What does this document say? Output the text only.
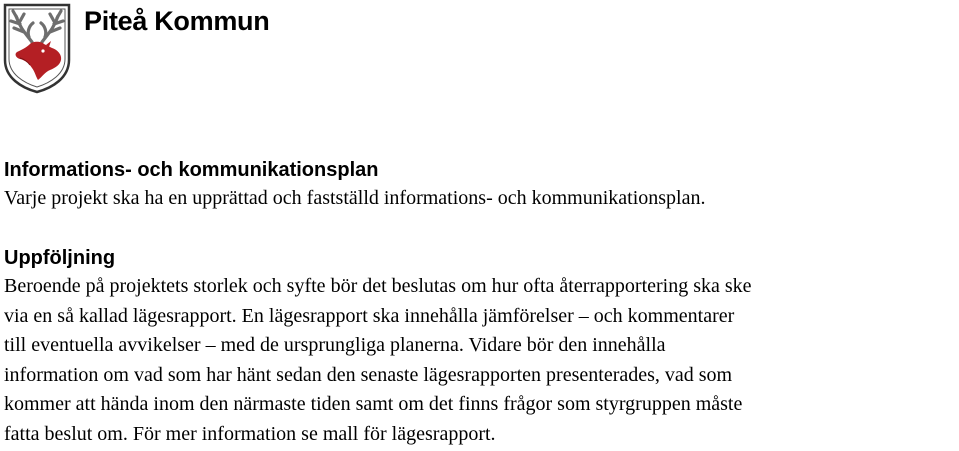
Piteå Kommun
Informations- och kommunikationsplan

Varje projekt ska ha en upprättad och fastställd informations- och kommunikationsplan.

Uppföljning

Beroende på projektets storlek och syfte bör det beslutas om hur ofta återrapportering ska ske
via en så kallad lägesrapport. En lägesrapport ska innehålla jämförelser – och kommentarer
till eventuella avvikelser – med de ursprungliga planerna. Vidare bör den innehålla
information om vad som har hänt sedan den senaste lägesrapporten presenterades, vad som
kommer att hända inom den närmaste tiden samt om det finns frågor som styrgruppen måste
fatta beslut om. För mer information se mall för lägesrapport.
